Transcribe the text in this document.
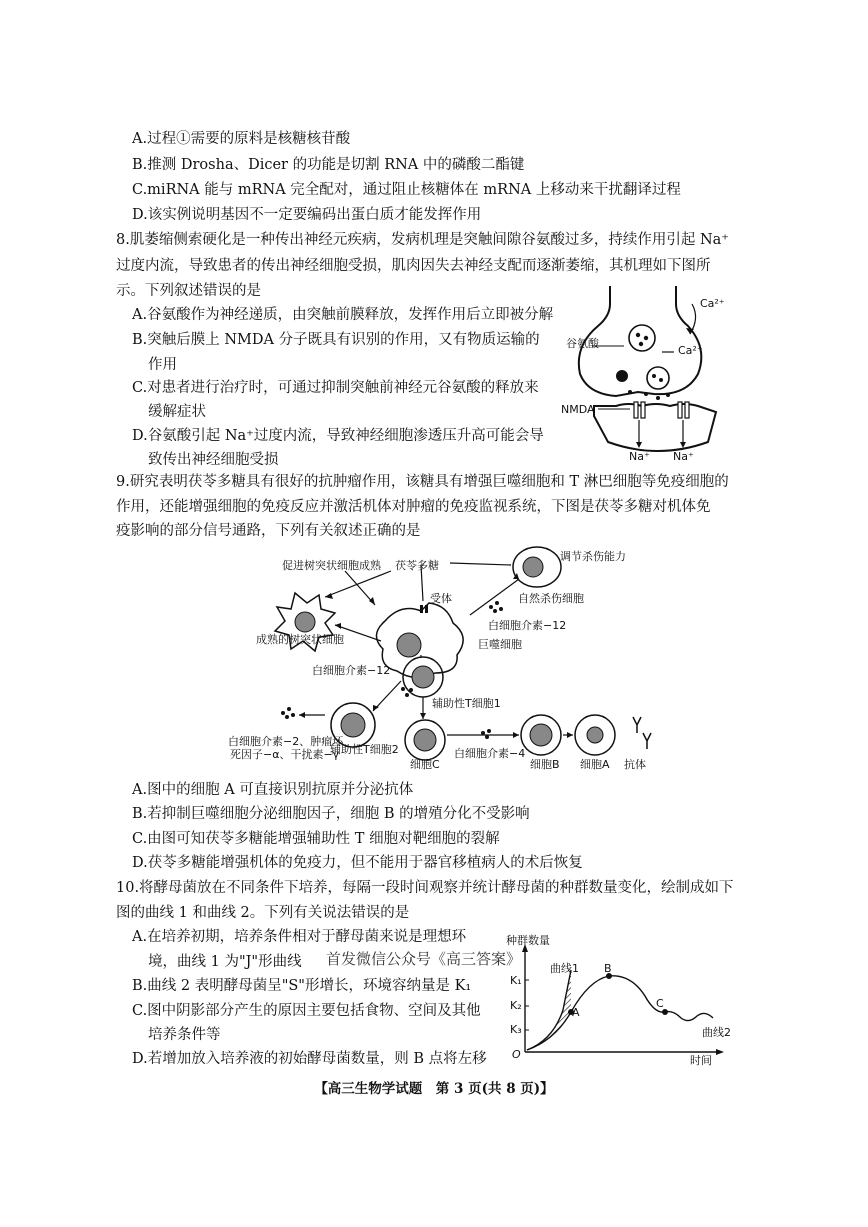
A.过程①需要的原料是核糖核苷酸
B.推测 Drosha、Dicer 的功能是切割 RNA 中的磷酸二酯键
C.miRNA 能与 mRNA 完全配对，通过阻止核糖体在 mRNA 上移动来干扰翻译过程
D.该实例说明基因不一定要编码出蛋白质才能发挥作用
8.肌萎缩侧索硬化是一种传出神经元疾病，发病机理是突触间隙谷氨酸过多，持续作用引起 Na⁺
过度内流，导致患者的传出神经细胞受损，肌肉因失去神经支配而逐渐萎缩，其机理如下图所
示。下列叙述错误的是
A.谷氨酸作为神经递质，由突触前膜释放，发挥作用后立即被分解
B.突触后膜上 NMDA 分子既具有识别的作用，又有物质运输的
作用
C.对患者进行治疗时，可通过抑制突触前神经元谷氨酸的释放来
缓解症状
D.谷氨酸引起 Na⁺过度内流，导致神经细胞渗透压升高可能会导
致传出神经细胞受损
Ca²⁺
Ca²⁺
谷氨酸
NMDA
Na⁺ Na⁺
9.研究表明茯苓多糖具有很好的抗肿瘤作用，该糖具有增强巨噬细胞和 T 淋巴细胞等免疫细胞的
作用，还能增强细胞的免疫反应并激活机体对肿瘤的免疫监视系统，下图是茯苓多糖对机体免
疫影响的部分信号通路，下列有关叙述正确的是
促进树突状细胞成熟 茯苓多糖
调节杀伤能力
受体	自然杀伤细胞
白细胞介素−12
成熟的树突状细胞	巨噬细胞
白细胞介素−12
辅助性T细胞1
白细胞介素−2、肿瘤坏
死因子−α、干扰素−γ
辅助性T细胞2
细胞C
白细胞介素−4
细胞B 细胞A 抗体
A.图中的细胞 A 可直接识别抗原并分泌抗体
B.若抑制巨噬细胞分泌细胞因子，细胞 B 的增殖分化不受影响
C.由图可知茯苓多糖能增强辅助性 T 细胞对靶细胞的裂解
D.茯苓多糖能增强机体的免疫力，但不能用于器官移植病人的术后恢复
10.将酵母菌放在不同条件下培养，每隔一段时间观察并统计酵母菌的种群数量变化，绘制成如下
图的曲线 1 和曲线 2。下列有关说法错误的是
A.在培养初期，培养条件相对于酵母菌来说是理想环
境，曲线 1 为"J"形曲线
B.曲线 2 表明酵母菌呈"S"形增长，环境容纳量是 K₁
C.图中阴影部分产生的原因主要包括食物、空间及其他
培养条件等
D.若增加放入培养液的初始酵母菌数量，则 B 点将左移
种群数量
K₁
K₂
K₃
O	时间
曲线1
曲线2
A
B
C
首发微信公众号《高三答案》
【高三生物学试题　第 3 页(共 8 页)】
